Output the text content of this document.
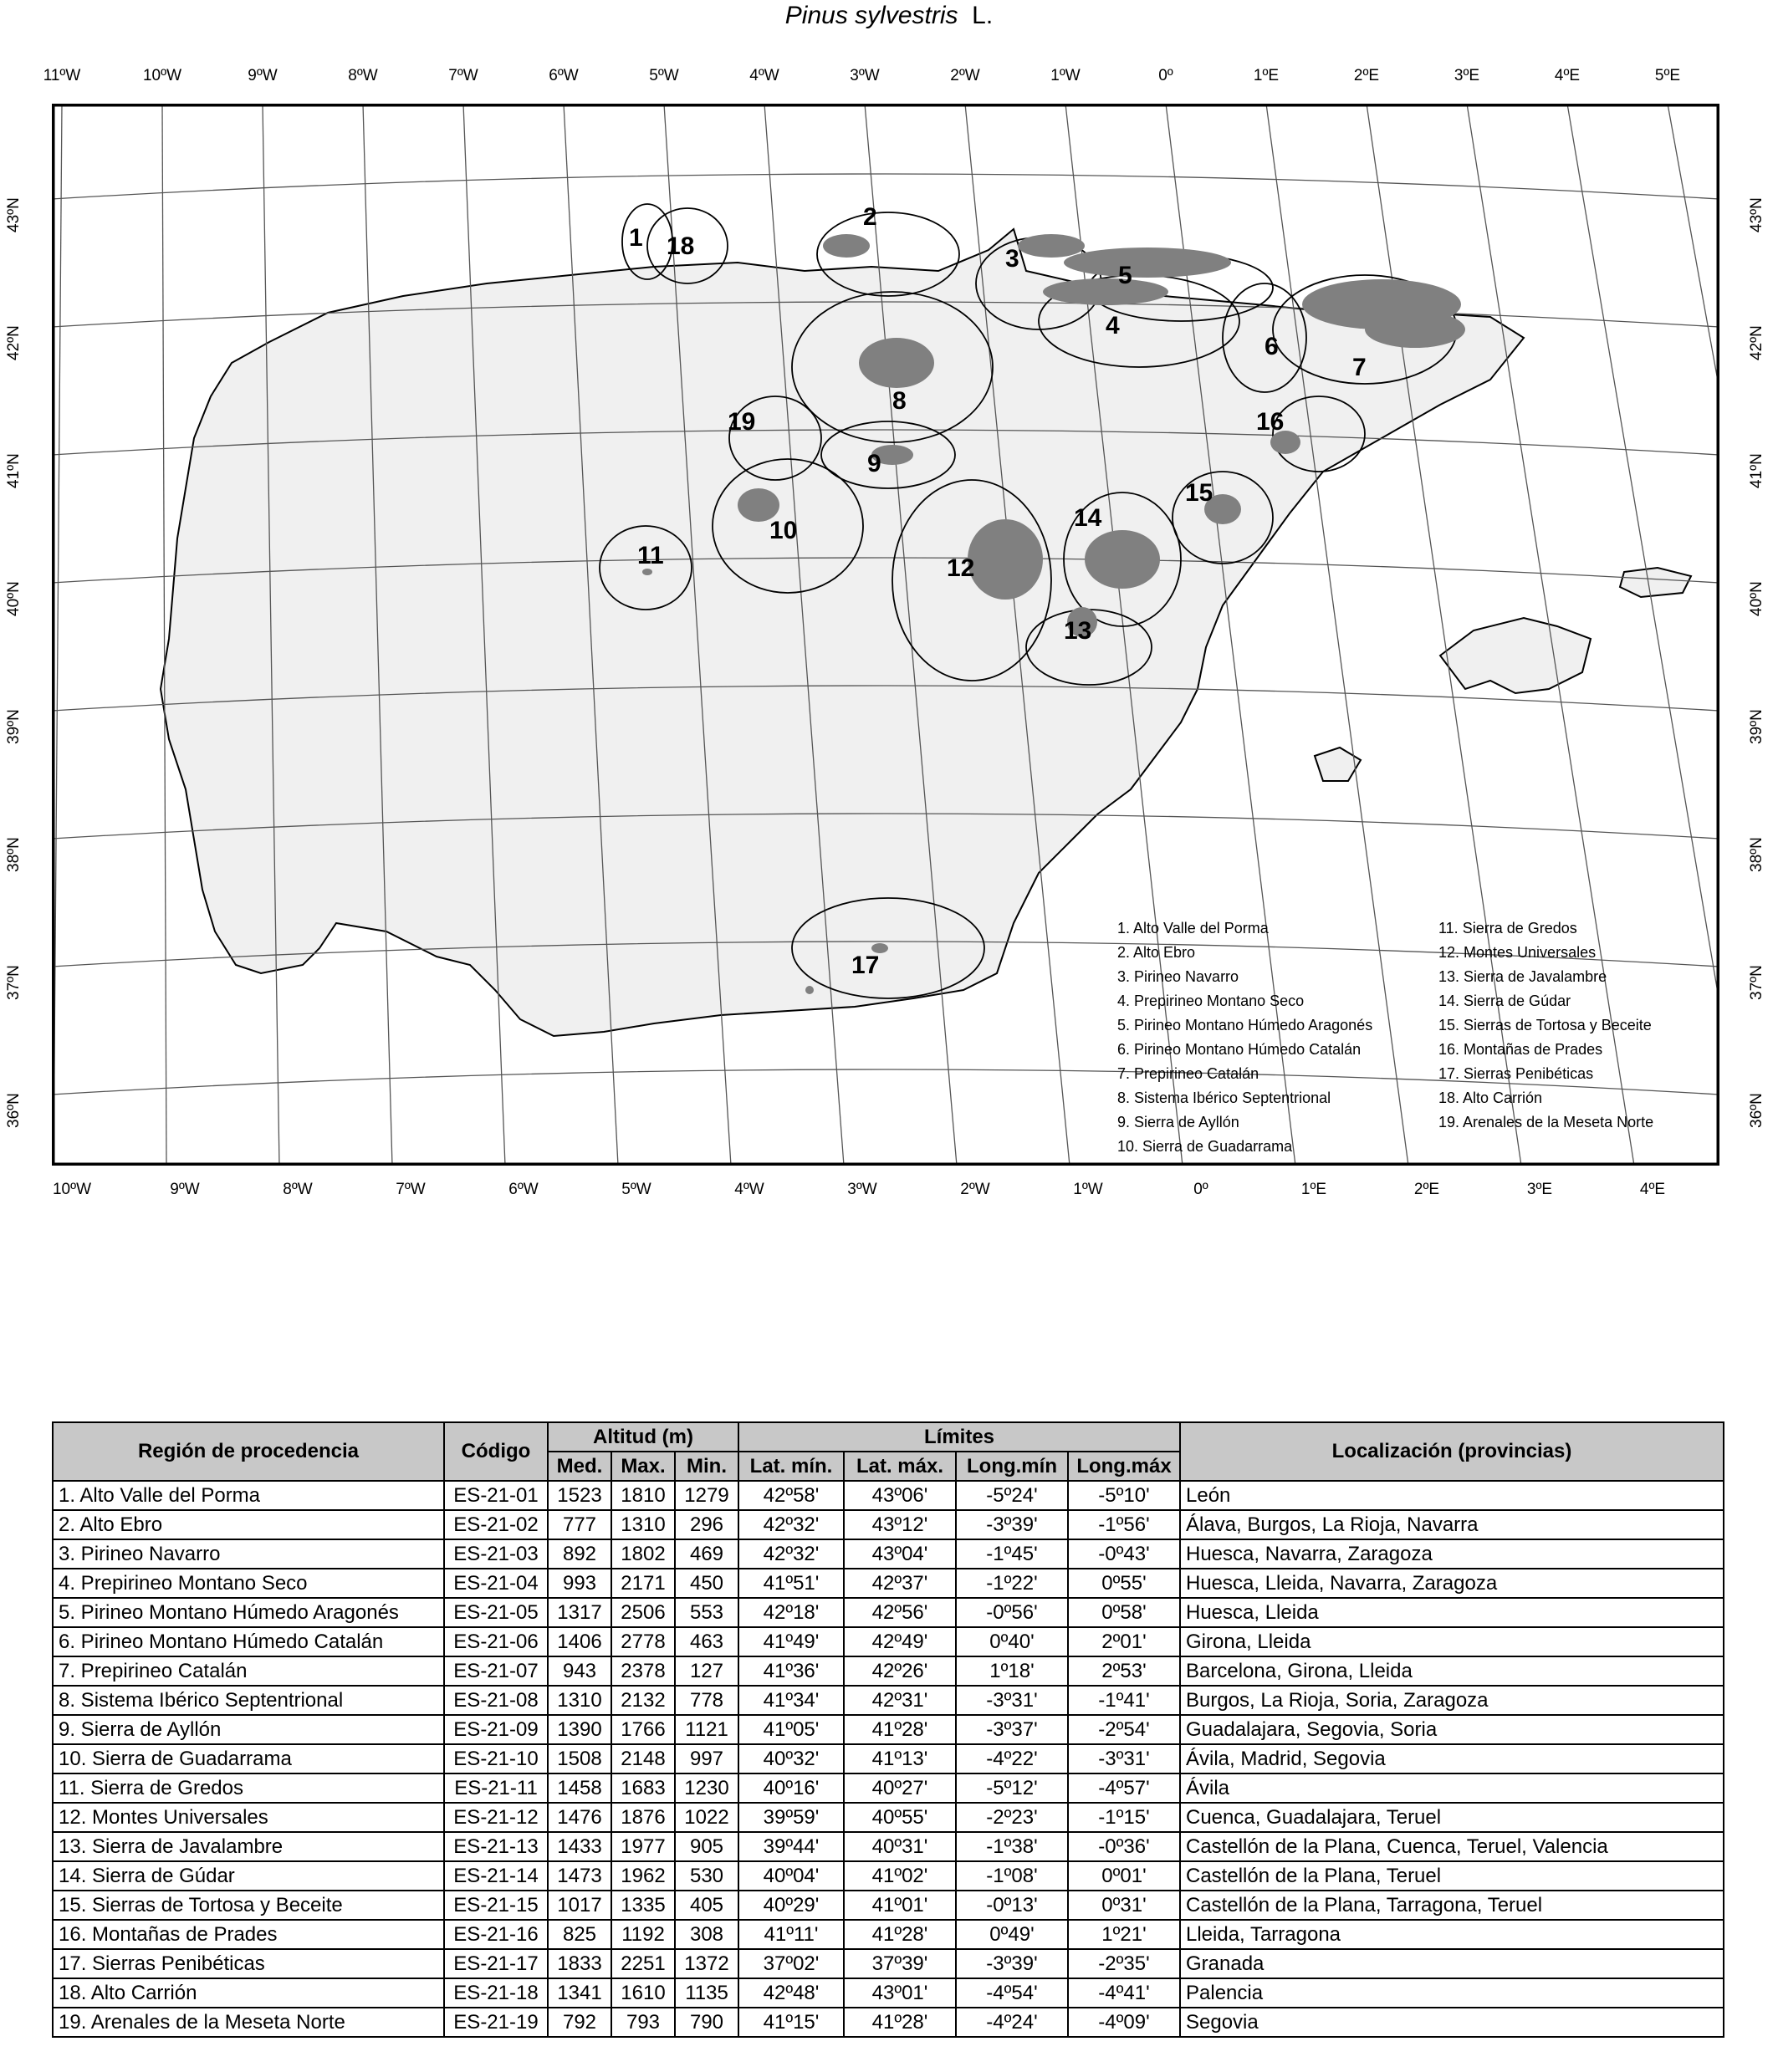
Pinus sylvestris L.
11ºW	10ºW	9ºW	8ºW	7ºW	6ºW	5ºW	4ºW	3ºW	2ºW	1ºW	0º	1ºE	2ºE	3ºE	4ºE	5ºE
10ºW	9ºW	8ºW	7ºW	6ºW	5ºW	4ºW	3ºW	2ºW	1ºW	0º	1ºE	2ºE	3ºE	4ºE
43ºN	43ºN
42ºN	42ºN
41ºN	41ºN
40ºN	40ºN
39ºN	39ºN
38ºN	38ºN
37ºN	37ºN
36ºN	36ºN
1
2
3
4
5
6
7
8
9
10
11	12
13
14
15
16
17
18
19
1. Alto Valle del Porma
2. Alto Ebro
3. Pirineo Navarro
4. Prepirineo Montano Seco
5. Pirineo Montano Húmedo Aragonés
6. Pirineo Montano Húmedo Catalán
7. Prepirineo Catalán
8. Sistema Ibérico Septentrional
9. Sierra de Ayllón
10. Sierra de Guadarrama
11. Sierra de Gredos
12. Montes Universales
13. Sierra de Javalambre
14. Sierra de Gúdar
15. Sierras de Tortosa y Beceite
16. Montañas de Prades
17. Sierras Penibéticas
18. Alto Carrión
19. Arenales de la Meseta Norte
Región de procedencia	Código	Altitud (m)			Límites				Localización (provincias)
		Med.	Max.	Min.	Lat. mín.	Lat. máx.	Long.mín	Long.máx	
1. Alto Valle del Porma	ES-21-01	1523	1810	1279	42º58'	43º06'	-5º24'	-5º10'	León
2. Alto Ebro	ES-21-02	777	1310	296	42º32'	43º12'	-3º39'	-1º56'	Álava, Burgos, La Rioja, Navarra
3. Pirineo Navarro	ES-21-03	892	1802	469	42º32'	43º04'	-1º45'	-0º43'	Huesca, Navarra, Zaragoza
4. Prepirineo Montano Seco	ES-21-04	993	2171	450	41º51'	42º37'	-1º22'	0º55'	Huesca, Lleida, Navarra, Zaragoza
5. Pirineo Montano Húmedo Aragonés	ES-21-05	1317	2506	553	42º18'	42º56'	-0º56'	0º58'	Huesca, Lleida
6. Pirineo Montano Húmedo Catalán	ES-21-06	1406	2778	463	41º49'	42º49'	0º40'	2º01'	Girona, Lleida
7. Prepirineo Catalán	ES-21-07	943	2378	127	41º36'	42º26'	1º18'	2º53'	Barcelona, Girona, Lleida
8. Sistema Ibérico Septentrional	ES-21-08	1310	2132	778	41º34'	42º31'	-3º31'	-1º41'	Burgos, La Rioja, Soria, Zaragoza
9. Sierra de Ayllón	ES-21-09	1390	1766	1121	41º05'	41º28'	-3º37'	-2º54'	Guadalajara, Segovia, Soria
10. Sierra de Guadarrama	ES-21-10	1508	2148	997	40º32'	41º13'	-4º22'	-3º31'	Ávila, Madrid, Segovia
11. Sierra de Gredos	ES-21-11	1458	1683	1230	40º16'	40º27'	-5º12'	-4º57'	Ávila
12. Montes Universales	ES-21-12	1476	1876	1022	39º59'	40º55'	-2º23'	-1º15'	Cuenca, Guadalajara, Teruel
13. Sierra de Javalambre	ES-21-13	1433	1977	905	39º44'	40º31'	-1º38'	-0º36'	Castellón de la Plana, Cuenca, Teruel, Valencia
14. Sierra de Gúdar	ES-21-14	1473	1962	530	40º04'	41º02'	-1º08'	0º01'	Castellón de la Plana, Teruel
15. Sierras de Tortosa y Beceite	ES-21-15	1017	1335	405	40º29'	41º01'	-0º13'	0º31'	Castellón de la Plana, Tarragona, Teruel
16. Montañas de Prades	ES-21-16	825	1192	308	41º11'	41º28'	0º49'	1º21'	Lleida, Tarragona
17. Sierras Penibéticas	ES-21-17	1833	2251	1372	37º02'	37º39'	-3º39'	-2º35'	Granada
18. Alto Carrión	ES-21-18	1341	1610	1135	42º48'	43º01'	-4º54'	-4º41'	Palencia
19. Arenales de la Meseta Norte	ES-21-19	792	793	790	41º15'	41º28'	-4º24'	-4º09'	Segovia
